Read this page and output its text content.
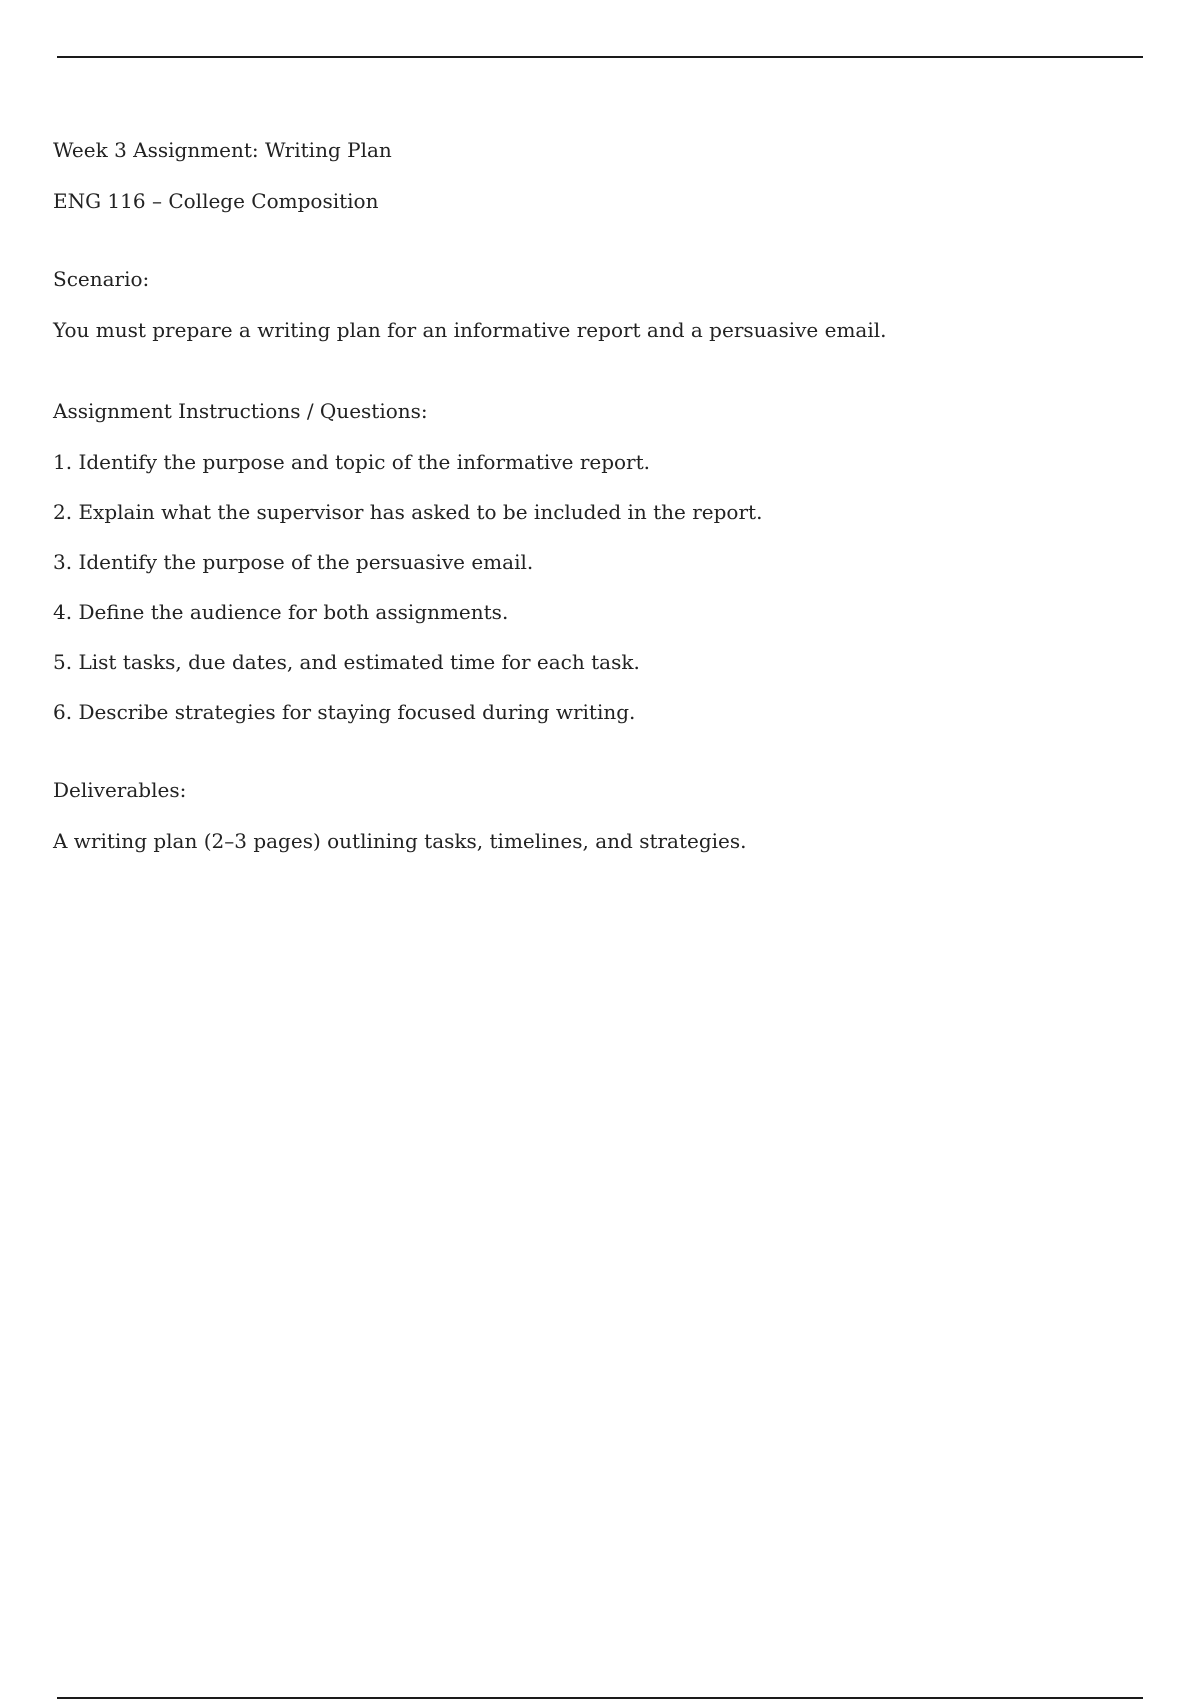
Week 3 Assignment: Writing Plan

ENG 116 – College Composition

Scenario:

You must prepare a writing plan for an informative report and a persuasive email.

Assignment Instructions / Questions:

1. Identify the purpose and topic of the informative report.
2. Explain what the supervisor has asked to be included in the report.
3. Identify the purpose of the persuasive email.
4. Define the audience for both assignments.
5. List tasks, due dates, and estimated time for each task.
6. Describe strategies for staying focused during writing.

Deliverables:

A writing plan (2–3 pages) outlining tasks, timelines, and strategies.
